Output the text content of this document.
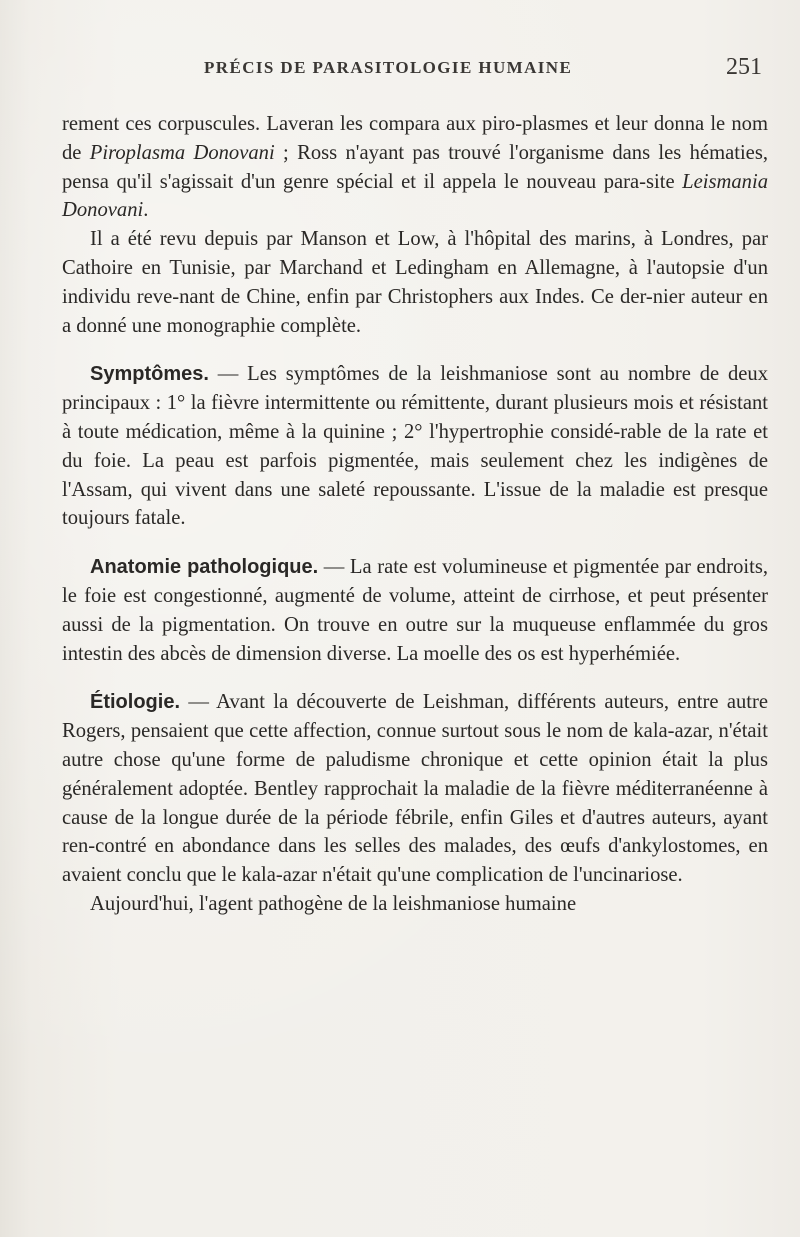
PRÉCIS DE PARASITOLOGIE HUMAINE	251

rement ces corpuscules. Laveran les compara aux piro-plasmes et leur donna le nom de Piroplasma Donovani ; Ross n'ayant pas trouvé l'organisme dans les hématies, pensa qu'il s'agissait d'un genre spécial et il appela le nouveau para-site Leismania Donovani.

Il a été revu depuis par Manson et Low, à l'hôpital des marins, à Londres, par Cathoire en Tunisie, par Marchand et Ledingham en Allemagne, à l'autopsie d'un individu reve-nant de Chine, enfin par Christophers aux Indes. Ce der-nier auteur en a donné une monographie complète.

Symptômes. — Les symptômes de la leishmaniose sont au nombre de deux principaux : 1° la fièvre intermittente ou rémittente, durant plusieurs mois et résistant à toute médication, même à la quinine ; 2° l'hypertrophie considé-rable de la rate et du foie. La peau est parfois pigmentée, mais seulement chez les indigènes de l'Assam, qui vivent dans une saleté repoussante. L'issue de la maladie est presque toujours fatale.

Anatomie pathologique. — La rate est volumineuse et pigmentée par endroits, le foie est congestionné, augmenté de volume, atteint de cirrhose, et peut présenter aussi de la pigmentation. On trouve en outre sur la muqueuse enflammée du gros intestin des abcès de dimension diverse. La moelle des os est hyperhémiée.

Étiologie. — Avant la découverte de Leishman, différents auteurs, entre autre Rogers, pensaient que cette affection, connue surtout sous le nom de kala-azar, n'était autre chose qu'une forme de paludisme chronique et cette opinion était la plus généralement adoptée. Bentley rapprochait la maladie de la fièvre méditerranéenne à cause de la longue durée de la période fébrile, enfin Giles et d'autres auteurs, ayant ren-contré en abondance dans les selles des malades, des œufs d'ankylostomes, en avaient conclu que le kala-azar n'était qu'une complication de l'uncinariose.

Aujourd'hui, l'agent pathogène de la leishmaniose humaine
